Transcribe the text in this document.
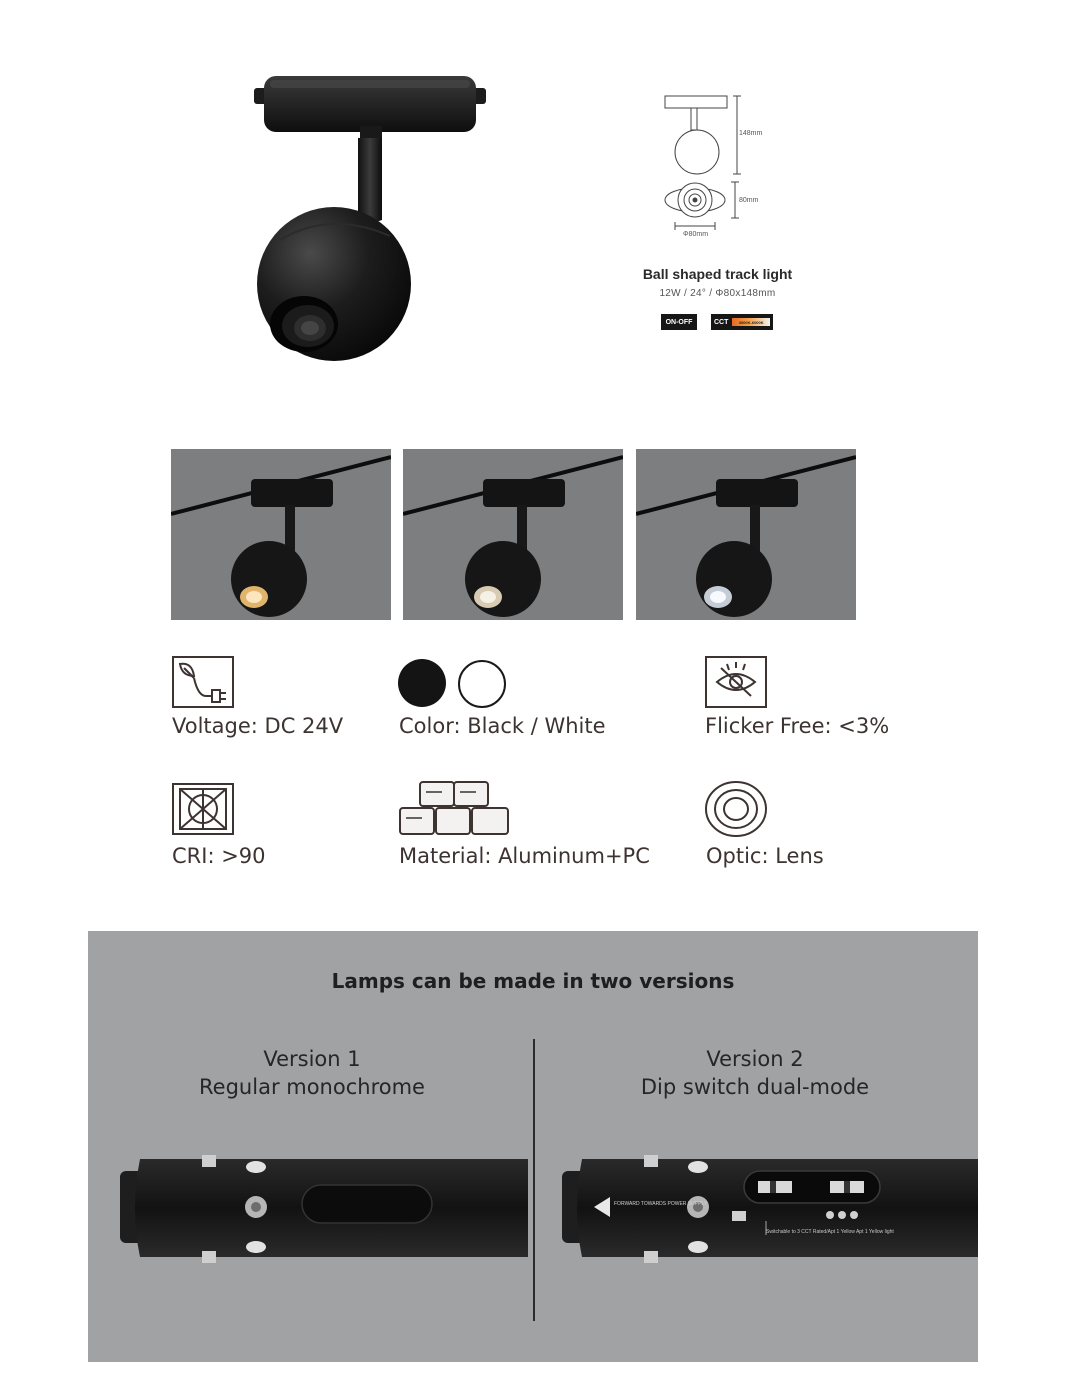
148mm
80mm
Φ80mm
Ball shaped track light
12W / 24° / Φ80x148mm
ON-OFF	CCT	3000K-6000K
Voltage: DC 24V	Color: Black / White	Flicker Free: <3%
CRI: >90	Material: Aluminum+PC	Optic: Lens
Lamps can be made in two versions
Version 1
Regular monochrome
Version 2
Dip switch dual-mode
FORWARD TOWARDS POWER SUPPLY
Switchable to 3 CCT Rated/Apt 1 Yellow Apt 1 Yellow light
